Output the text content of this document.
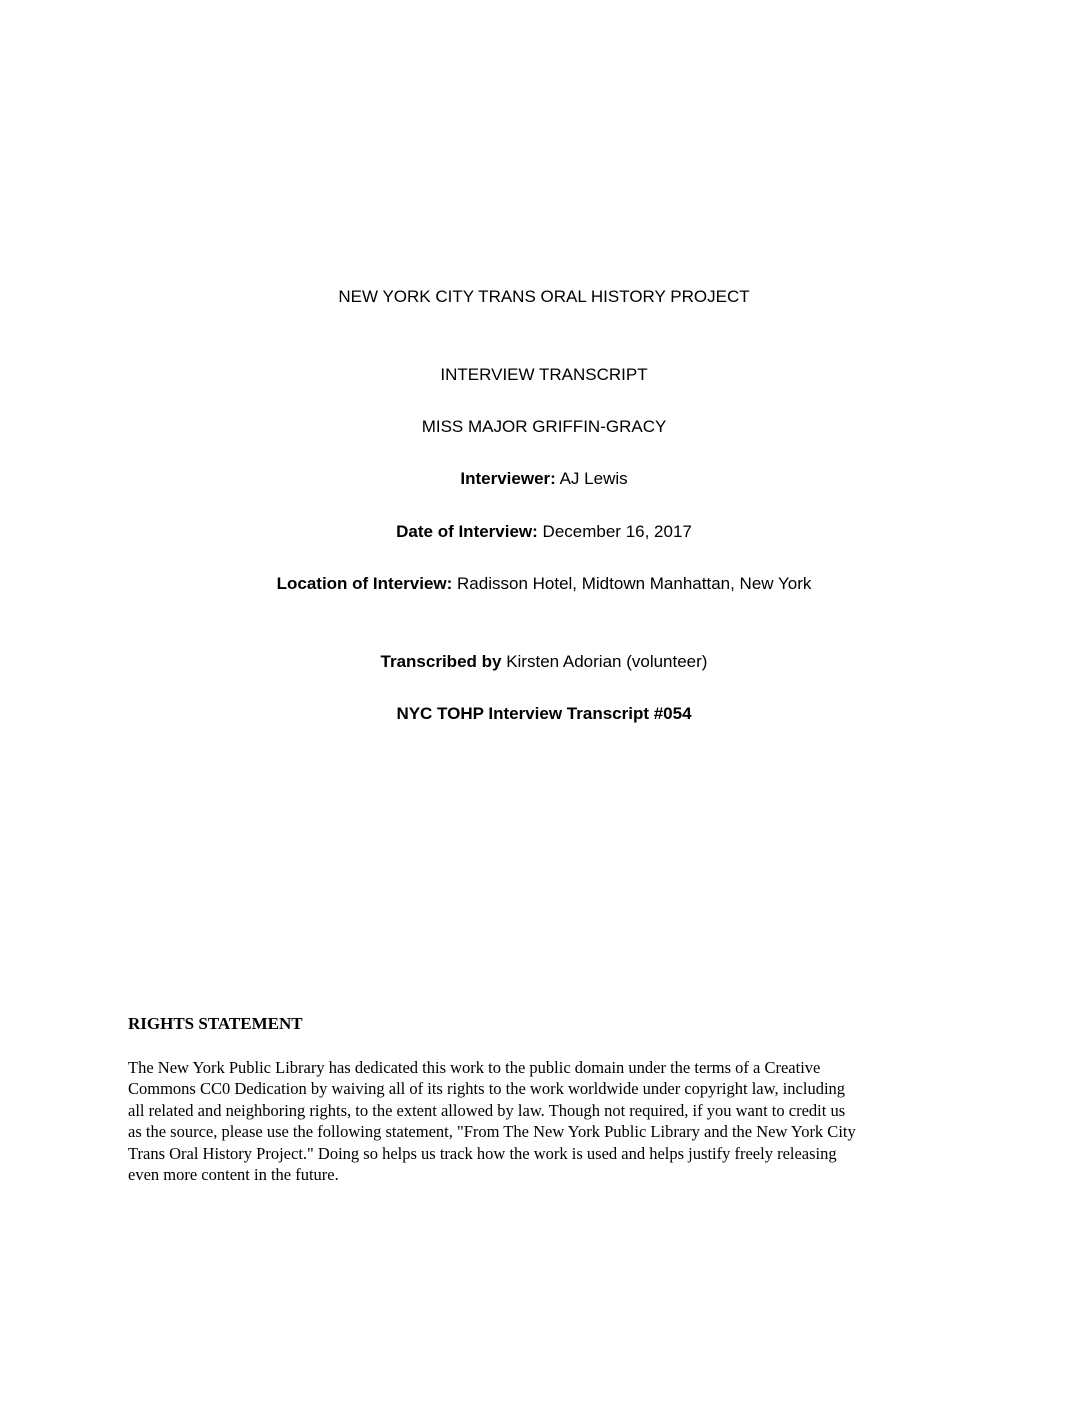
NEW YORK CITY TRANS ORAL HISTORY PROJECT
INTERVIEW TRANSCRIPT
MISS MAJOR GRIFFIN-GRACY
Interviewer: AJ Lewis
Date of Interview: December 16, 2017
Location of Interview: Radisson Hotel, Midtown Manhattan, New York
Transcribed by Kirsten Adorian (volunteer)
NYC TOHP Interview Transcript #054
RIGHTS STATEMENT
The New York Public Library has dedicated this work to the public domain under the terms of a Creative
Commons CC0 Dedication by waiving all of its rights to the work worldwide under copyright law, including
all related and neighboring rights, to the extent allowed by law. Though not required, if you want to credit us
as the source, please use the following statement, "From The New York Public Library and the New York City
Trans Oral History Project." Doing so helps us track how the work is used and helps justify freely releasing
even more content in the future.
